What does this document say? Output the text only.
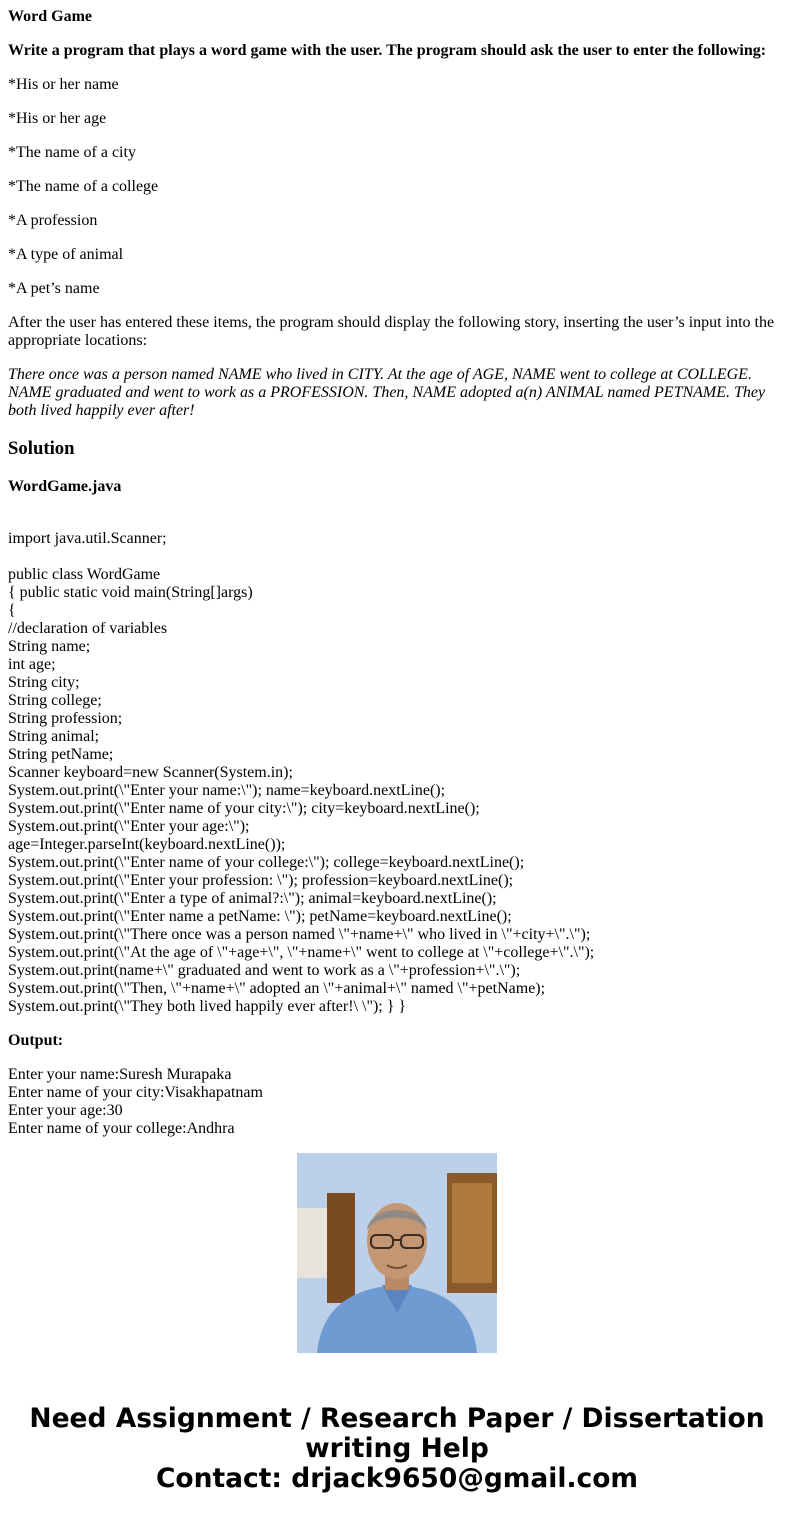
Word Game

Write a program that plays a word game with the user. The program should ask the user to enter the following:

*His or her name

*His or her age

*The name of a city

*The name of a college

*A profession

*A type of animal

*A pet’s name

After the user has entered these items, the program should display the following story, inserting the user’s input into the appropriate locations:

There once was a person named NAME who lived in CITY. At the age of AGE, NAME went to college at COLLEGE. NAME graduated and went to work as a PROFESSION. Then, NAME adopted a(n) ANIMAL named PETNAME. They both lived happily ever after!

Solution

WordGame.java

import java.util.Scanner;
public class WordGame
{ public static void main(String[]args)
{
//declaration of variables
String name;
int age;
String city;
String college;
String profession;
String animal;
String petName;
Scanner keyboard=new Scanner(System.in);
System.out.print(\"Enter your name:\"); name=keyboard.nextLine();
System.out.print(\"Enter name of your city:\"); city=keyboard.nextLine();
System.out.print(\"Enter your age:\");
age=Integer.parseInt(keyboard.nextLine());
System.out.print(\"Enter name of your college:\"); college=keyboard.nextLine();
System.out.print(\"Enter your profession: \"); profession=keyboard.nextLine();
System.out.print(\"Enter a type of animal?:\"); animal=keyboard.nextLine();
System.out.print(\"Enter name a petName: \"); petName=keyboard.nextLine();
System.out.print(\"There once was a person named \"+name+\" who lived in \"+city+\".\");
System.out.print(\"At the age of \"+age+\", \"+name+\" went to college at \"+college+\".\");
System.out.print(name+\" graduated and went to work as a \"+profession+\".\");
System.out.print(\"Then, \"+name+\" adopted an \"+animal+\" named \"+petName);
System.out.print(\"They both lived happily ever after!\ \"); } }

Output:

Enter your name:Suresh Murapaka
Enter name of your city:Visakhapatnam
Enter your age:30
Enter name of your college:Andhra
Need Assignment / Research Paper / Dissertation
writing Help
Contact: drjack9650@gmail.com
